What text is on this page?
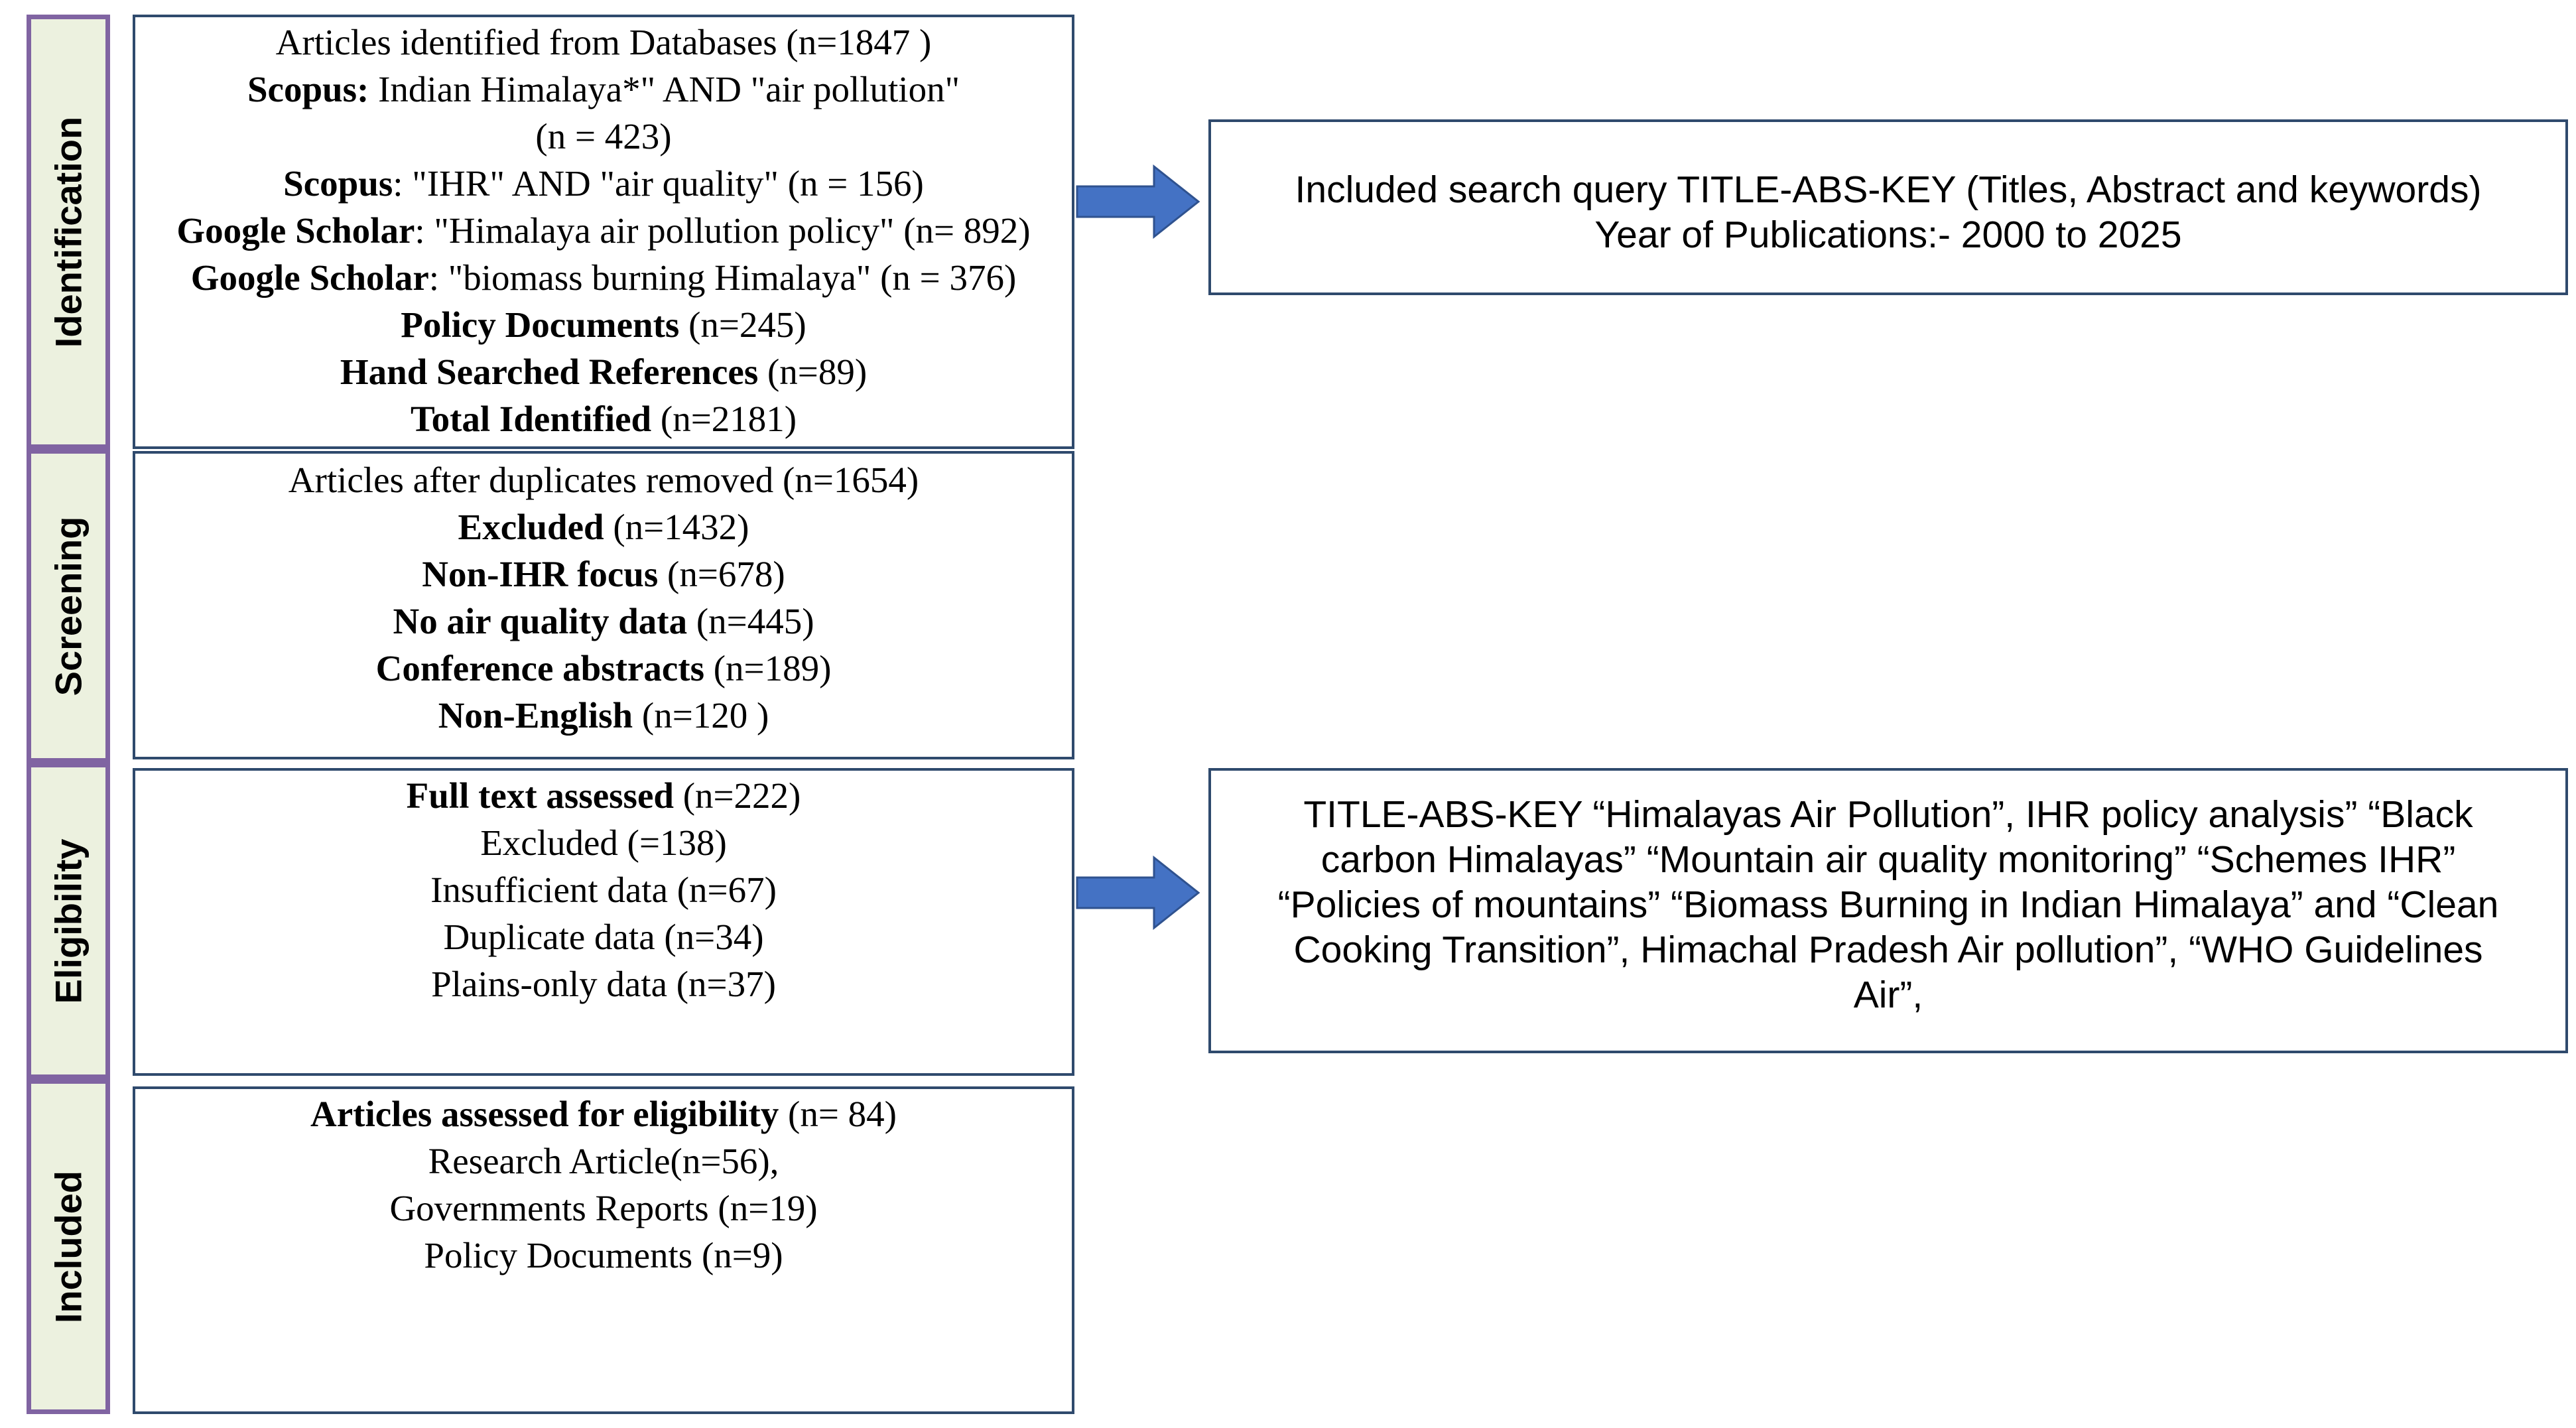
Identification
Screening
Eligibility
Included
Articles identified from Databases (n=1847 )
Scopus: Indian Himalaya*" AND "air pollution"
(n = 423)
Scopus: "IHR" AND "air quality" (n = 156)
Google Scholar: "Himalaya air pollution policy" (n= 892)
Google Scholar: "biomass burning Himalaya" (n = 376)
Policy Documents (n=245)
Hand Searched References (n=89)
Total Identified (n=2181)
Articles after duplicates removed (n=1654)
Excluded (n=1432)
Non-IHR focus (n=678)
No air quality data (n=445)
Conference abstracts (n=189)
Non-English (n=120 )
Full text assessed (n=222)
Excluded (=138)
Insufficient data (n=67)
Duplicate data (n=34)
Plains-only data (n=37)
Articles assessed for eligibility (n= 84)
Research Article(n=56),
Governments Reports (n=19)
Policy Documents (n=9)
Included search query TITLE-ABS-KEY (Titles, Abstract and keywords)
Year of Publications:- 2000 to 2025
TITLE-ABS-KEY “Himalayas Air Pollution”, IHR policy analysis” “Black
carbon Himalayas” “Mountain air quality monitoring” “Schemes IHR”
“Policies of mountains” “Biomass Burning in Indian Himalaya” and “Clean
Cooking Transition”, Himachal Pradesh Air pollution”, “WHO Guidelines
Air”,
